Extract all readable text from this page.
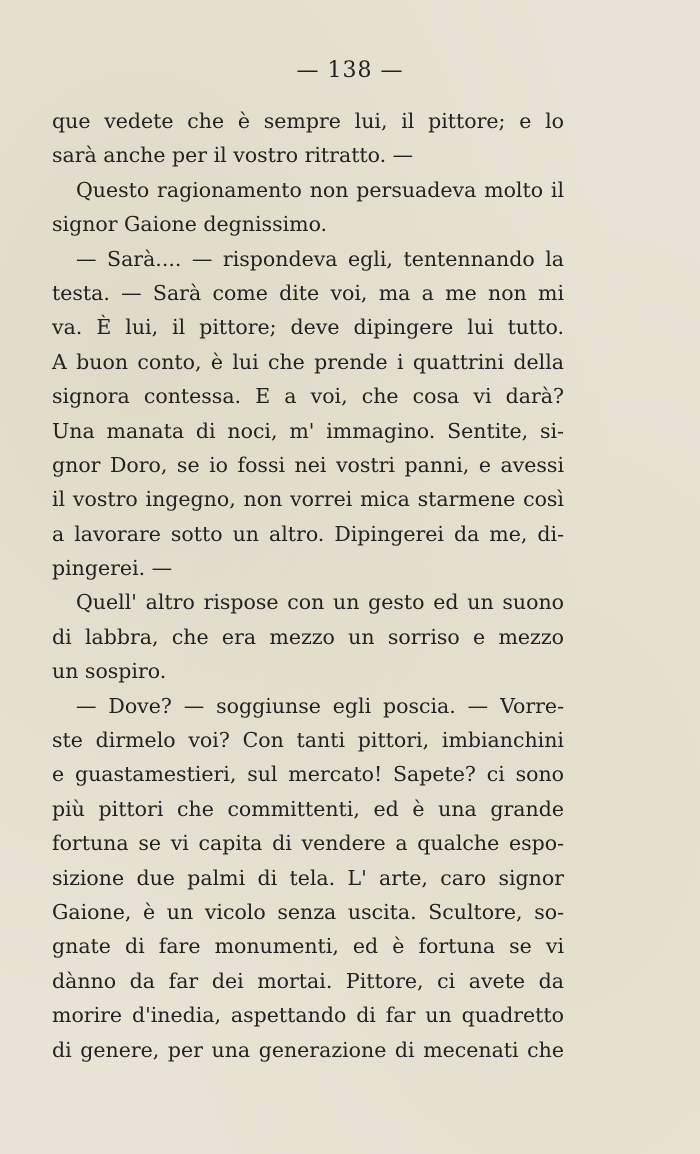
— 138 —
que vedete che è sempre lui, il pittore; e lo
sarà anche per il vostro ritratto. —
Questo ragionamento non persuadeva molto il
signor Gaione degnissimo.
— Sarà.... — rispondeva egli, tentennando la
testa. — Sarà come dite voi, ma a me non mi
va. È lui, il pittore; deve dipingere lui tutto.
A buon conto, è lui che prende i quattrini della
signora contessa. E a voi, che cosa vi darà?
Una manata di noci, m' immagino. Sentite, si-
gnor Doro, se io fossi nei vostri panni, e avessi
il vostro ingegno, non vorrei mica starmene così
a lavorare sotto un altro. Dipingerei da me, di-
pingerei. —
Quell' altro rispose con un gesto ed un suono
di labbra, che era mezzo un sorriso e mezzo
un sospiro.
— Dove? — soggiunse egli poscia. — Vorre-
ste dirmelo voi? Con tanti pittori, imbianchini
e guastamestieri, sul mercato! Sapete? ci sono
più pittori che committenti, ed è una grande
fortuna se vi capita di vendere a qualche espo-
sizione due palmi di tela. L' arte, caro signor
Gaione, è un vicolo senza uscita. Scultore, so-
gnate di fare monumenti, ed è fortuna se vi
dànno da far dei mortai. Pittore, ci avete da
morire d'inedia, aspettando di far un quadretto
di genere, per una generazione di mecenati che
